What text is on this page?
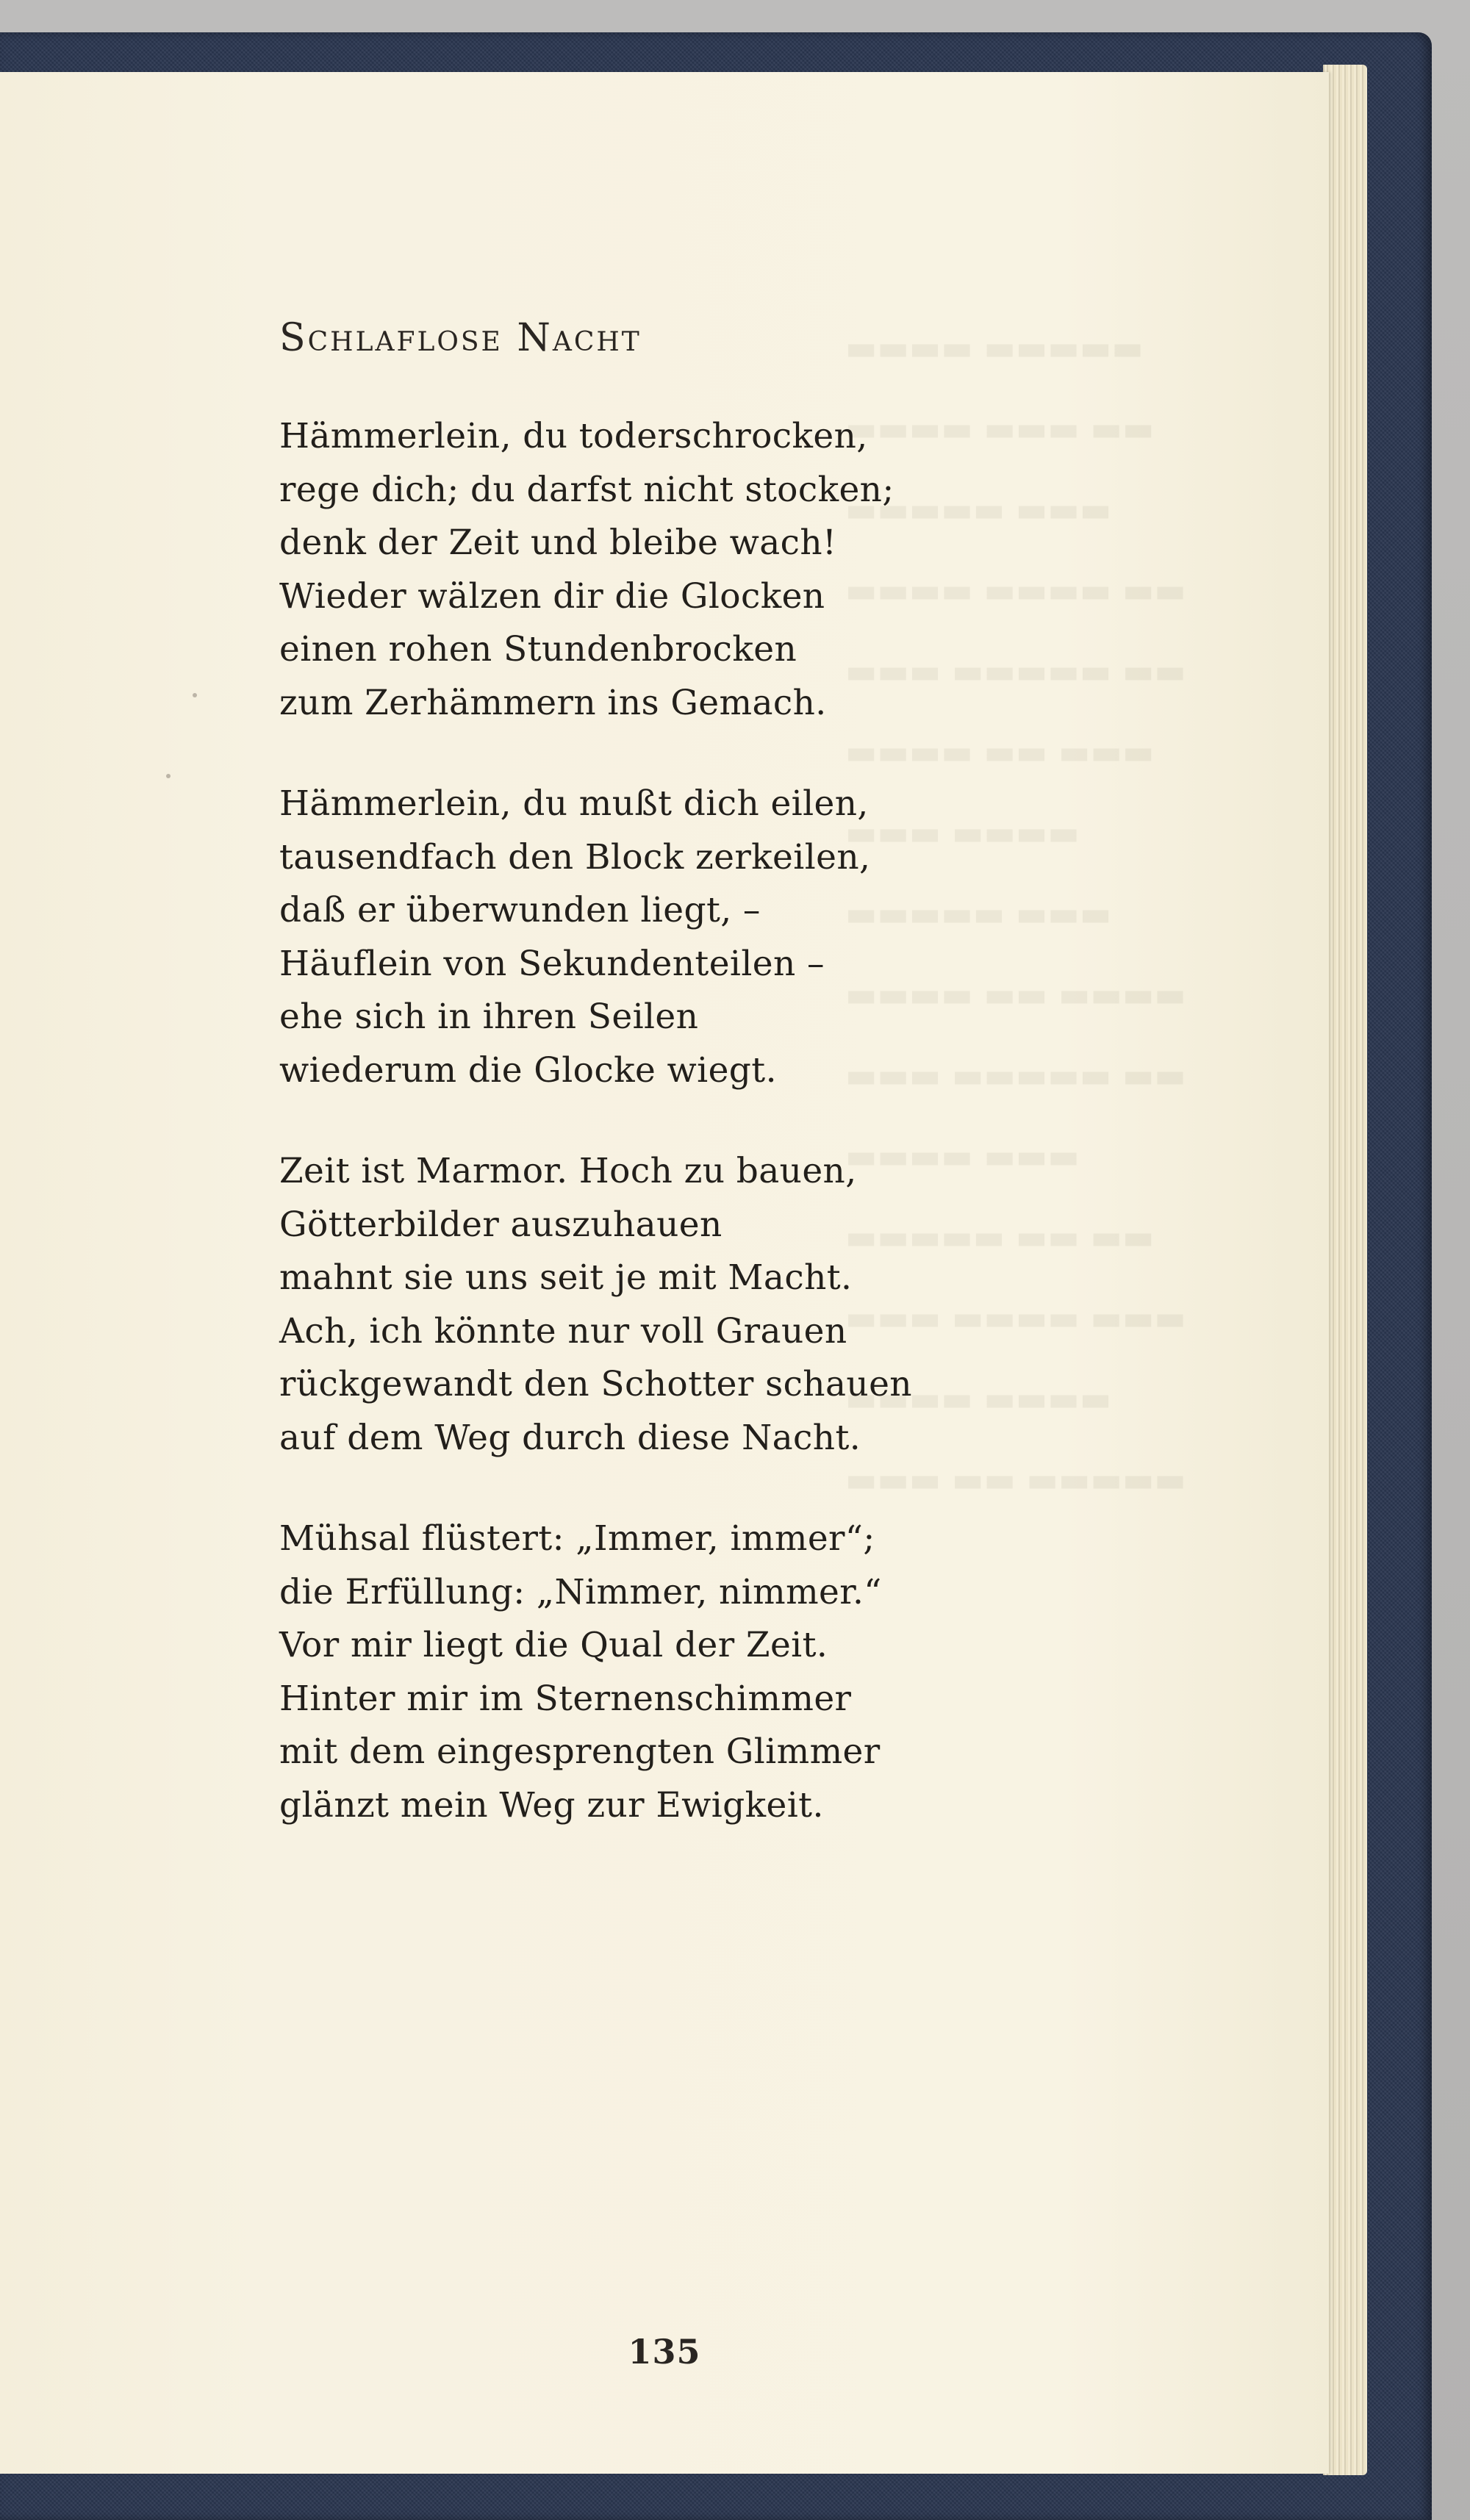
▬▬▬▬ ▬▬▬▬▬
▬▬▬▬ ▬▬▬ ▬▬
▬▬▬▬▬ ▬▬▬
▬▬▬▬ ▬▬▬▬ ▬▬
▬▬▬ ▬▬▬▬▬ ▬▬
▬▬▬▬ ▬▬ ▬▬▬
▬▬▬ ▬▬▬▬
▬▬▬▬▬ ▬▬▬
▬▬▬▬ ▬▬ ▬▬▬▬
▬▬▬ ▬▬▬▬▬ ▬▬
▬▬▬▬ ▬▬▬
▬▬▬▬▬ ▬▬ ▬▬
▬▬▬ ▬▬▬▬ ▬▬▬
▬▬▬▬ ▬▬▬▬
▬▬▬ ▬▬ ▬▬▬▬▬
Schlaflose Nacht
Hämmerlein, du toderschrocken,
rege dich; du darfst nicht stocken;
denk der Zeit und bleibe wach!
Wieder wälzen dir die Glocken
einen rohen Stundenbrocken
zum Zerhämmern ins Gemach.
Hämmerlein, du mußt dich eilen,
tausendfach den Block zerkeilen,
daß er überwunden liegt, –
Häuflein von Sekundenteilen –
ehe sich in ihren Seilen
wiederum die Glocke wiegt.
Zeit ist Marmor. Hoch zu bauen,
Götterbilder auszuhauen
mahnt sie uns seit je mit Macht.
Ach, ich könnte nur voll Grauen
rückgewandt den Schotter schauen
auf dem Weg durch diese Nacht.
Mühsal flüstert: „Immer, immer“;
die Erfüllung: „Nimmer, nimmer.“
Vor mir liegt die Qual der Zeit.
Hinter mir im Sternenschimmer
mit dem eingesprengten Glimmer
glänzt mein Weg zur Ewigkeit.
135
